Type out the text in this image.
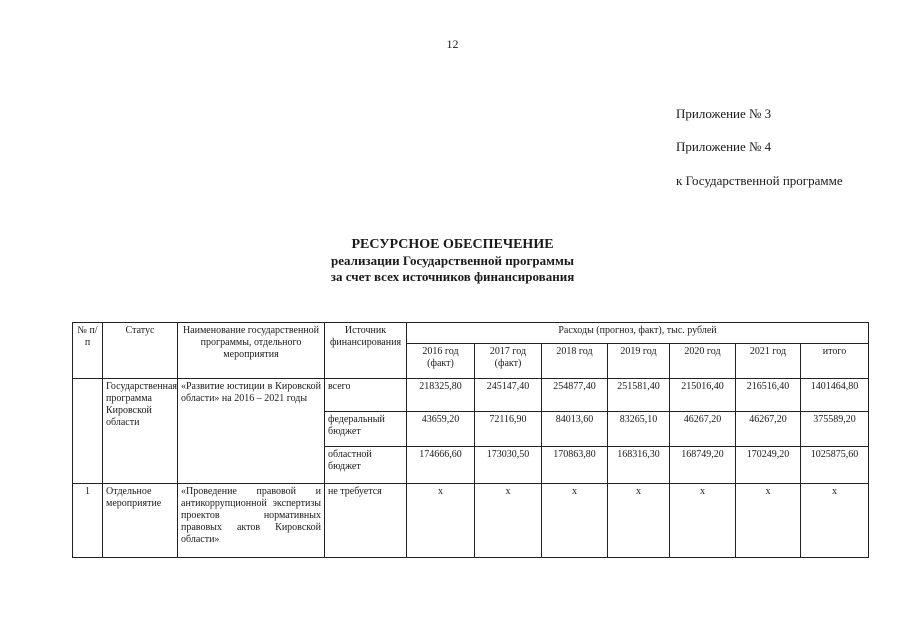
12
Приложение № 3
Приложение № 4
к Государственной программе
РЕСУРСНОЕ ОБЕСПЕЧЕНИЕ
реализации Государственной программы
за счет всех источников финансирования
№ п/п	Статус	Наименование государственной программы, отдельного мероприятия	Источник финансирования	Расходы (прогноз, факт), тыс. рублей						
				2016 год (факт)	2017 год (факт)	2018 год	2019 год	2020 год	2021 год	итого
	Государственная программа Кировской области	«Развитие юстиции в Кировской области» на 2016 – 2021 годы	всего	218325,80	245147,40	254877,40	251581,40	215016,40	216516,40	1401464,80
			федеральный бюджет	43659,20	72116,90	84013,60	83265,10	46267,20	46267,20	375589,20
			областной бюджет	174666,60	173030,50	170863,80	168316,30	168749,20	170249,20	1025875,60
1	Отдельное мероприятие	«Проведение правовой и антикоррупционной экспертизы проектов нормативных правовых актов Кировской области»	не требуется	х	х	х	х	х	х	х
